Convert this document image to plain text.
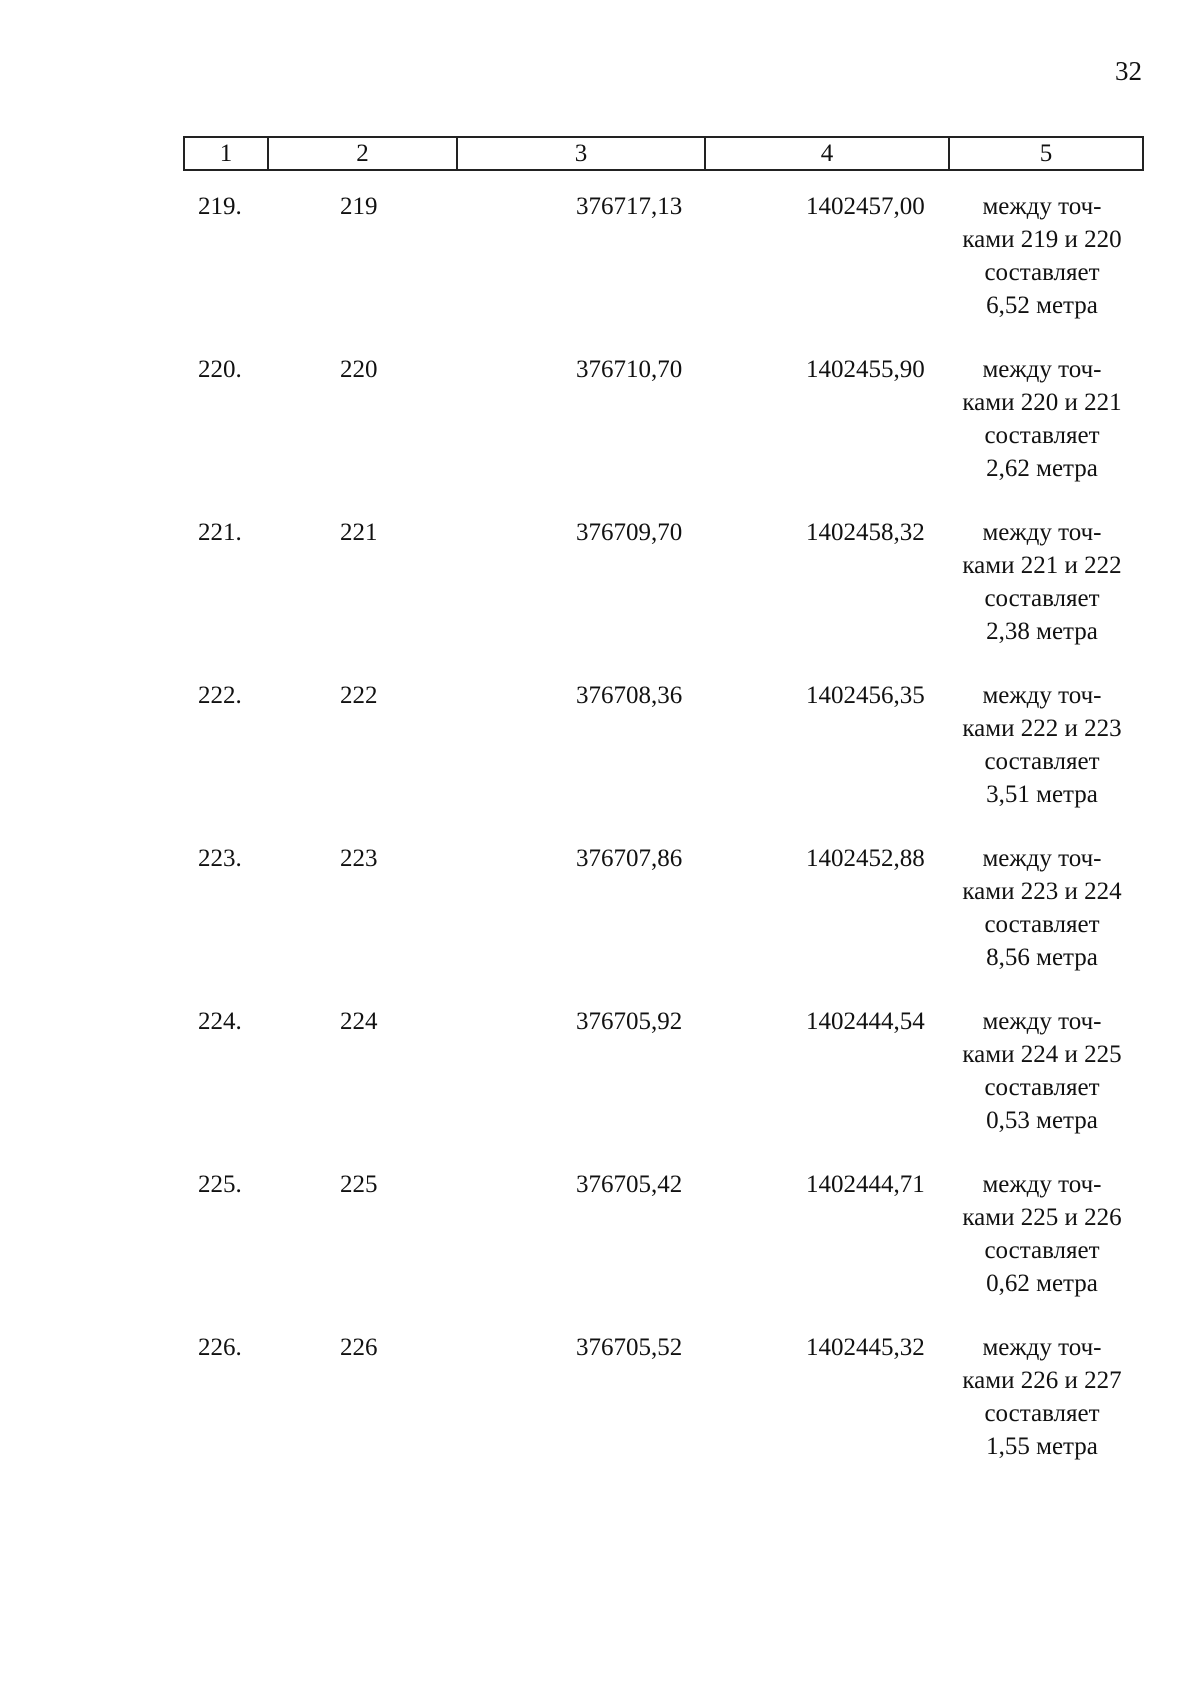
32
1	2	3	4	5
219.	219	376717,13	1402457,00	между точ-
ками 219 и 220
составляет
6,52 метра
220.	220	376710,70	1402455,90	между точ-
ками 220 и 221
составляет
2,62 метра
221.	221	376709,70	1402458,32	между точ-
ками 221 и 222
составляет
2,38 метра
222.	222	376708,36	1402456,35	между точ-
ками 222 и 223
составляет
3,51 метра
223.	223	376707,86	1402452,88	между точ-
ками 223 и 224
составляет
8,56 метра
224.	224	376705,92	1402444,54	между точ-
ками 224 и 225
составляет
0,53 метра
225.	225	376705,42	1402444,71	между точ-
ками 225 и 226
составляет
0,62 метра
226.	226	376705,52	1402445,32	между точ-
ками 226 и 227
составляет
1,55 метра
